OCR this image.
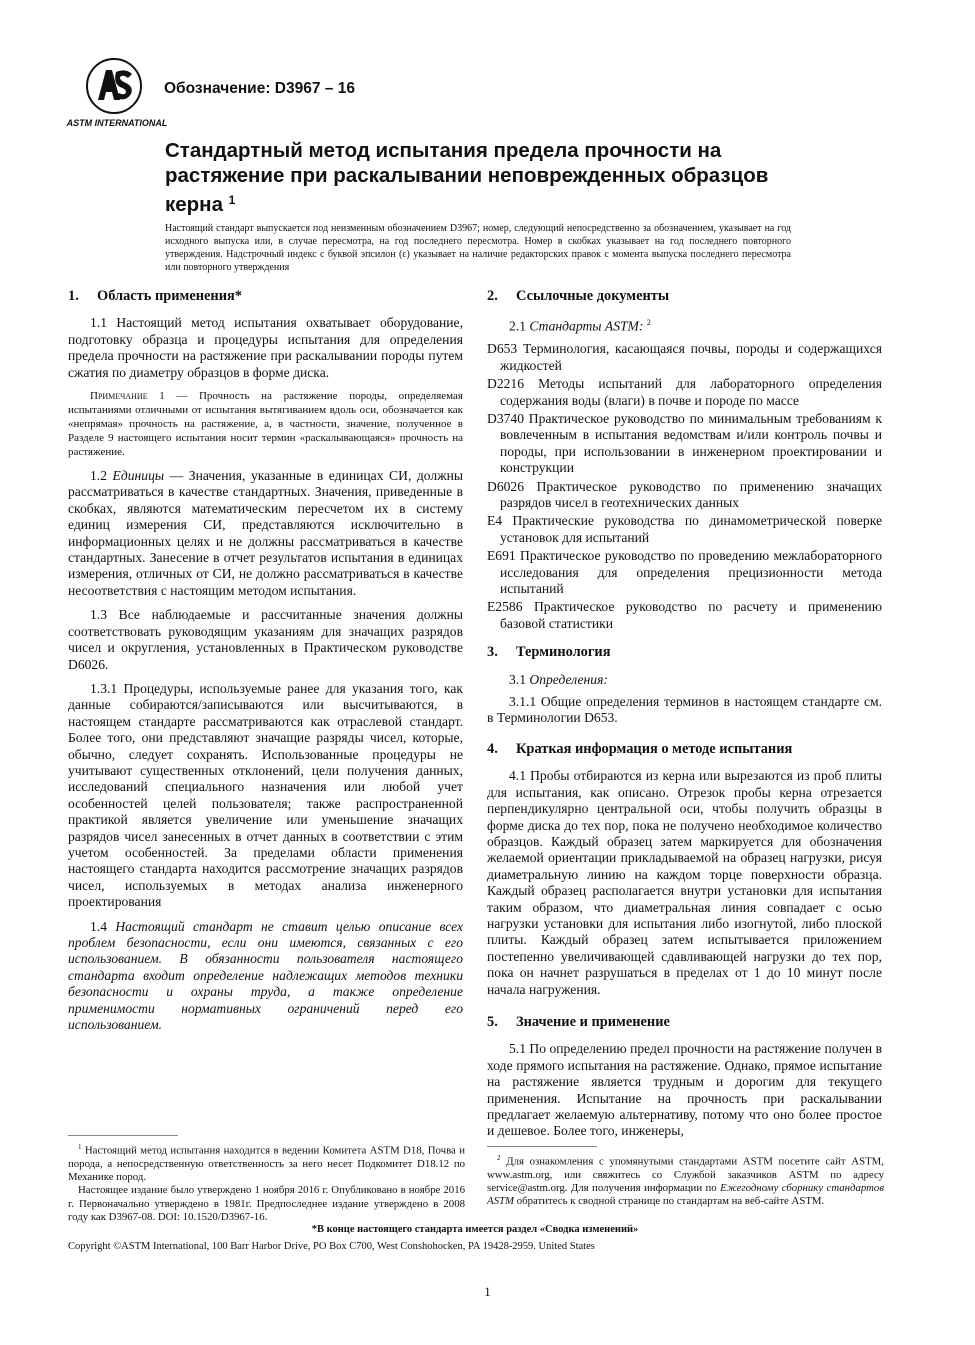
ASTM INTERNATIONAL
Обозначение: D3967 – 16
Стандартный метод испытания предела прочности на растяжение при раскалывании неповрежденных образцов керна $^1$

Настоящий стандарт выпускается под неизменным обозначением D3967; номер, следующий непосредственно за обозначением, указывает на год исходного выпуска или, в случае пересмотра, на год последнего пересмотра. Номер в скобках указывает на год последнего повторного утверждения. Надстрочный индекс с буквой эпсилон (ε) указывает на наличие редакторских правок с момента выпуска последнего пересмотра или повторного утверждения

1. Область применения*

1.1 Настоящий метод испытания охватывает оборудование, подготовку образца и процедуры испытания для определения предела прочности на растяжение при раскалывании породы путем сжатия по диаметру образцов в форме диска.

Примечание 1 — Прочность на растяжение породы, определяемая испытаниями отличными от испытания вытягиванием вдоль оси, обозначается как «непрямая» прочность на растяжение, а, в частности, значение, полученное в Разделе 9 настоящего испытания носит термин «раскалывающаяся» прочность на растяжение.

1.2 Единицы — Значения, указанные в единицах СИ, должны рассматриваться в качестве стандартных. Значения, приведенные в скобках, являются математическим пересчетом их в систему единиц измерения СИ, представляются исключительно в информационных целях и не должны рассматриваться в качестве стандартных. Занесение в отчет результатов испытания в единицах измерения, отличных от СИ, не должно рассматриваться в качестве несоответствия с настоящим методом испытания.

1.3 Все наблюдаемые и рассчитанные значения должны соответствовать руководящим указаниям для значащих разрядов чисел и округления, установленных в Практическом руководстве D6026.

1.3.1 Процедуры, используемые ранее для указания того, как данные собираются/записываются или высчитываются, в настоящем стандарте рассматриваются как отраслевой стандарт. Более того, они представляют значащие разряды чисел, которые, обычно, следует сохранять. Использованные процедуры не учитывают существенных отклонений, цели получения данных, исследований специального назначения или любой учет особенностей целей пользователя; также распространенной практикой является увеличение или уменьшение значащих разрядов чисел занесенных в отчет данных в соответствии с этим учетом особенностей. За пределами области применения настоящего стандарта находится рассмотрение значащих разрядов чисел, используемых в методах анализа инженерного проектирования

1.4 Настоящий стандарт не ставит целью описание всех проблем безопасности, если они имеются, связанных с его использованием. В обязанности пользователя настоящего стандарта входит определение надлежащих методов техники безопасности и охраны труда, а также определение применимости нормативных ограничений перед его использованием.

2. Ссылочные документы

2.1 Стандарты ASTM: $^2$

D653 Терминология, касающаяся почвы, породы и содержащихся жидкостей

D2216 Методы испытаний для лабораторного определения содержания воды (влаги) в почве и породе по массе

D3740 Практическое руководство по минимальным требованиям к вовлеченным в испытания ведомствам и/или контроль почвы и породы, при использовании в инженерном проектировании и конструкции

D6026 Практическое руководство по применению значащих разрядов чисел в геотехнических данных

E4 Практические руководства по динамометрической поверке установок для испытаний

E691 Практическое руководство по проведению межлабораторного исследования для определения прецизионности метода испытаний

E2586 Практическое руководство по расчету и применению базовой статистики

3. Терминология

3.1 Определения:

3.1.1 Общие определения терминов в настоящем стандарте см. в Терминологии D653.

4. Краткая информация о методе испытания

4.1 Пробы отбираются из керна или вырезаются из проб плиты для испытания, как описано. Отрезок пробы керна отрезается перпендикулярно центральной оси, чтобы получить образцы в форме диска до тех пор, пока не получено необходимое количество образцов. Каждый образец затем маркируется для обозначения желаемой ориентации прикладываемой на образец нагрузки, рисуя диаметральную линию на каждом торце поверхности образца. Каждый образец располагается внутри установки для испытания таким образом, что диаметральная линия совпадает с осью нагрузки установки для испытания либо изогнутой, либо плоской плиты. Каждый образец затем испытывается приложением постепенно увеличивающей сдавливающей нагрузки до тех пор, пока он начнет разрушаться в пределах от 1 до 10 минут после начала нагружения.

5. Значение и применение

5.1 По определению предел прочности на растяжение получен в ходе прямого испытания на растяжение. Однако, прямое испытание на растяжение является трудным и дорогим для текущего применения. Испытание на прочность при раскалывании предлагает желаемую альтернативу, потому что оно более простое и дешевое. Более того, инженеры,

$^1$ Настоящий метод испытания находится в ведении Комитета ASTM D18, Почва и порода, а непосредственную ответственность за него несет Подкомитет D18.12 по Механике пород.

Настоящее издание было утверждено 1 ноября 2016 г. Опубликовано в ноябре 2016 г. Первоначально утверждено в 1981г. Предпоследнее издание утверждено в 2008 году как D3967-08. DOI: 10.1520/D3967-16.

$^2$ Для ознакомления с упомянутыми стандартами ASTM посетите сайт ASTM, www.astm.org, или свяжитесь со Службой заказчиков ASTM по адресу service@astm.org. Для получения информации по Ежегодному сборнику стандартов ASTM обратитесь к сводной странице по стандартам на веб-сайте ASTM.

*В конце настоящего стандарта имеется раздел «Сводка изменений»
Copyright ©ASTM International, 100 Barr Harbor Drive, PO Box C700, West Conshohocken, PA 19428-2959. United States
1
